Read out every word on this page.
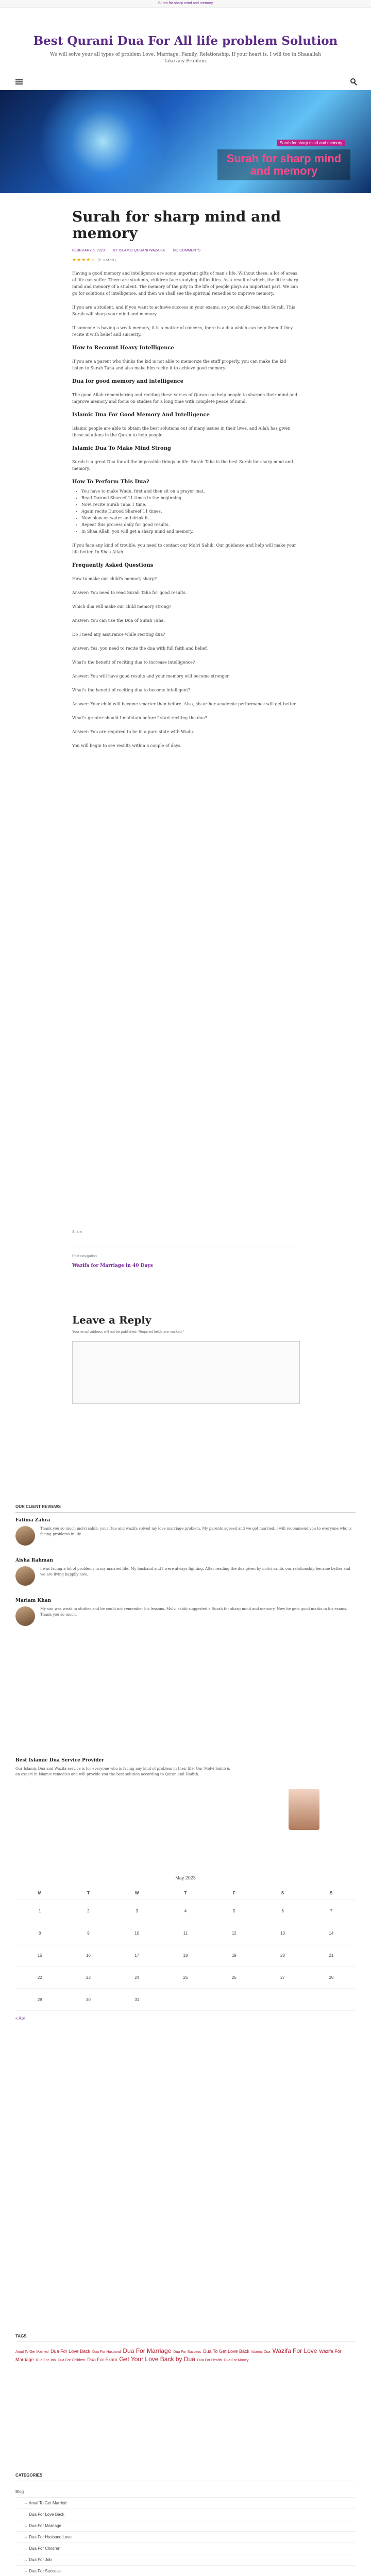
Surah for sharp mind and memory
Best Qurani Dua For All life problem Solution
We will solve your all types of problem Love, Marriage, Family, Relationship. If your heart is, I will too in Shaaallah Take any Problem.
Surah for sharp mind and memory
Surah for sharp mind and memory
Surah for sharp mind and memory
FEBRUARY 5, 2023 BY ISLAMIC QURANI WAZAIFA NO COMMENTS
★★★★☆ (5 votes)

Having a good memory and intelligence are some important gifts of man's life. Without these, a lot of areas of life can suffer. There are students, children face studying difficulties. As a result of which, the little sharp mind and memory of a student. The memory of the pity in the life of people plays an important part. We can go for solutions of intelligence, and then we shall see the spiritual remedies to improve memory.

If you are a student, and if you want to achieve success in your exams, so you should read this Surah. This Surah will sharp your mind and memory.

If someone is having a weak memory, it is a matter of concern, there is a dua which can help them if they recite it with belief and sincerity.

How to Recount Heavy Intelligence

If you are a parent who thinks the kid is not able to memorize the stuff properly, you can make the kid listen to Surah Taha and also make him recite it to achieve good memory.

Dua for good memory and intelligence

The good Allah remembering and reciting these verses of Quran can help people to sharpen their mind and improve memory and focus on studies for a long time with complete peace of mind.

Islamic Dua For Good Memory And Intelligence

Islamic people are able to obtain the best solutions out of many issues in their lives, and Allah has given these solutions in the Quran to help people.

Islamic Dua To Make Mind Strong

Surah is a great Dua for all the impossible things in life. Surah Taha is the best Surah for sharp mind and memory.

How To Perform This Dua?
• You have to make Wudu, first and then sit on a prayer mat.
• Read Durood Shareef 11 times in the beginning.
• Now, recite Surah Taha 1 time.
• Again recite Durood Shareef 11 times.
• Now blow on water and drink it.
• Repeat this process daily for good results.
• In Shaa Allah, you will get a sharp mind and memory.

If you face any kind of trouble, you need to contact our Molvi Sahib. Our guidance and help will make your life better. In Shaa Allah.

Frequently Asked Questions

How to make our child's memory sharp?

Answer: You need to read Surah Taha for good results.

Which dua will make our child memory strong?

Answer: You can use the Dua of Surah Taha.

Do I need any assurance while reciting dua?

Answer: Yes, you need to recite the dua with full faith and belief.

What's the benefit of reciting dua to increase intelligence?

Answer: You will have good results and your memory will become stronger.

What's the benefit of reciting dua to become intelligent?

Answer: Your child will become smarter than before. Also, his or her academic performance will get better.

What's greater should I maintain before I start reciting the dua?

Answer: You are required to be in a pure state with Wudu.

You will begin to see results within a couple of days.

Share:
Post navigation
Wazifa for Marriage in 40 Days
Leave a Reply
Your email address will not be published. Required fields are marked *
OUR CLIENT REVIEWS
Fatima Zahra
Thank you so much molvi sahib, your Dua and wazifa solved my love marriage problem. My parents agreed and we got married. I will recommend you to everyone who is facing problems in life.
Aisha Rahman
I was facing a lot of problems in my married life. My husband and I were always fighting. After reading the dua given by molvi sahib, our relationship became better and we are living happily now.
Mariam Khan
My son was weak in studies and he could not remember his lessons. Molvi sahib suggested a Surah for sharp mind and memory. Now he gets good marks in his exams. Thank you so much.
Best Islamic Dua Service Provider
Our Islamic Dua and Wazifa service is for everyone who is facing any kind of problem in their life. Our Molvi Sahib is an expert in Islamic remedies and will provide you the best solution according to Quran and Hadith.
May 2023
M	T	W	T	F	S	S
1	2	3	4	5	6	7
8	9	10	11	12	13	14
15	16	17	18	19	20	21
22	23	24	25	26	27	28
29	30	31				
« Apr
TAGS
Amal To Get Married Dua For Love Back Dua For Husband Dua For Marriage Dua For Success Dua To Get Love Back Islamic Dua Wazifa For Love Wazifa For Marriage Dua For Job Dua For Children Dua For Exam Get Your Love Back by Dua Dua For Health Dua For Money
CATEGORIES
Blog
→ Amal To Get Married
→ Dua For Love Back
→ Dua For Marriage
→ Dua For Husband Love
→ Dua For Children
→ Dua For Job
→ Dua For Success
